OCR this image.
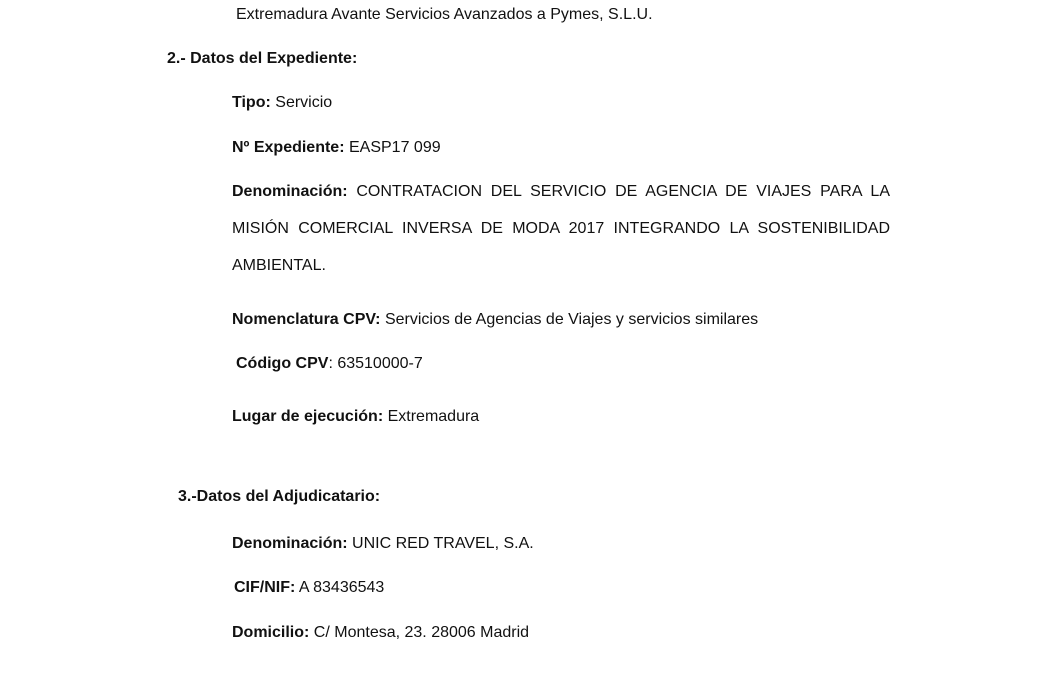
Extremadura Avante Servicios Avanzados a Pymes, S.L.U.
2.- Datos del Expediente:
Tipo: Servicio
Nº Expediente: EASP17 099
Denominación: CONTRATACION DEL SERVICIO DE AGENCIA DE VIAJES PARA LA
MISIÓN COMERCIAL INVERSA DE MODA 2017 INTEGRANDO LA SOSTENIBILIDAD
AMBIENTAL.
Nomenclatura CPV: Servicios de Agencias de Viajes y servicios similares
Código CPV: 63510000-7
Lugar de ejecución: Extremadura
3.-Datos del Adjudicatario:
Denominación: UNIC RED TRAVEL, S.A.
CIF/NIF: A 83436543
Domicilio: C/ Montesa, 23. 28006 Madrid
